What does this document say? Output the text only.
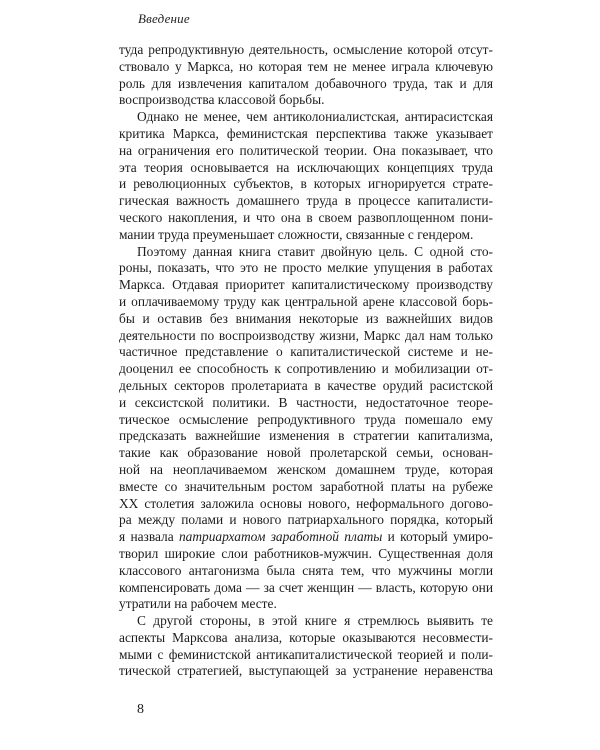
Введение
туда репродуктивную деятельность, осмысление которой отсут-
ствовало у Маркса, но которая тем не менее играла ключевую
роль для извлечения капиталом добавочного труда, так и для
воспроизводства классовой борьбы.
Однако не менее, чем антиколониалистская, антирасистская
критика Маркса, феминистская перспектива также указывает
на ограничения его политической теории. Она показывает, что
эта теория основывается на исключающих концепциях труда
и революционных субъектов, в которых игнорируется страте-
гическая важность домашнего труда в процессе капиталисти-
ческого накопления, и что она в своем развоплощенном пони-
мании труда преуменьшает сложности, связанные с гендером.
Поэтому данная книга ставит двойную цель. С одной сто-
роны, показать, что это не просто мелкие упущения в работах
Маркса. Отдавая приоритет капиталистическому производству
и оплачиваемому труду как центральной арене классовой борь-
бы и оставив без внимания некоторые из важнейших видов
деятельности по воспроизводству жизни, Маркс дал нам только
частичное представление о капиталистической системе и не-
дооценил ее способность к сопротивлению и мобилизации от-
дельных секторов пролетариата в качестве орудий расистской
и сексистской политики. В частности, недостаточное теоре-
тическое осмысление репродуктивного труда помешало ему
предсказать важнейшие изменения в стратегии капитализма,
такие как образование новой пролетарской семьи, основан-
ной на неоплачиваемом женском домашнем труде, которая
вместе со значительным ростом заработной платы на рубеже
XX столетия заложила основы нового, неформального догово-
ра между полами и нового патриархального порядка, который
я назвала патриархатом заработной платы и который умиро-
творил широкие слои работников-мужчин. Существенная доля
классового антагонизма была снята тем, что мужчины могли
компенсировать дома — за счет женщин — власть, которую они
утратили на рабочем месте.
С другой стороны, в этой книге я стремлюсь выявить те
аспекты Марксова анализа, которые оказываются несовмести-
мыми с феминистской антикапиталистической теорией и поли-
тической стратегией, выступающей за устранение неравенства
8
